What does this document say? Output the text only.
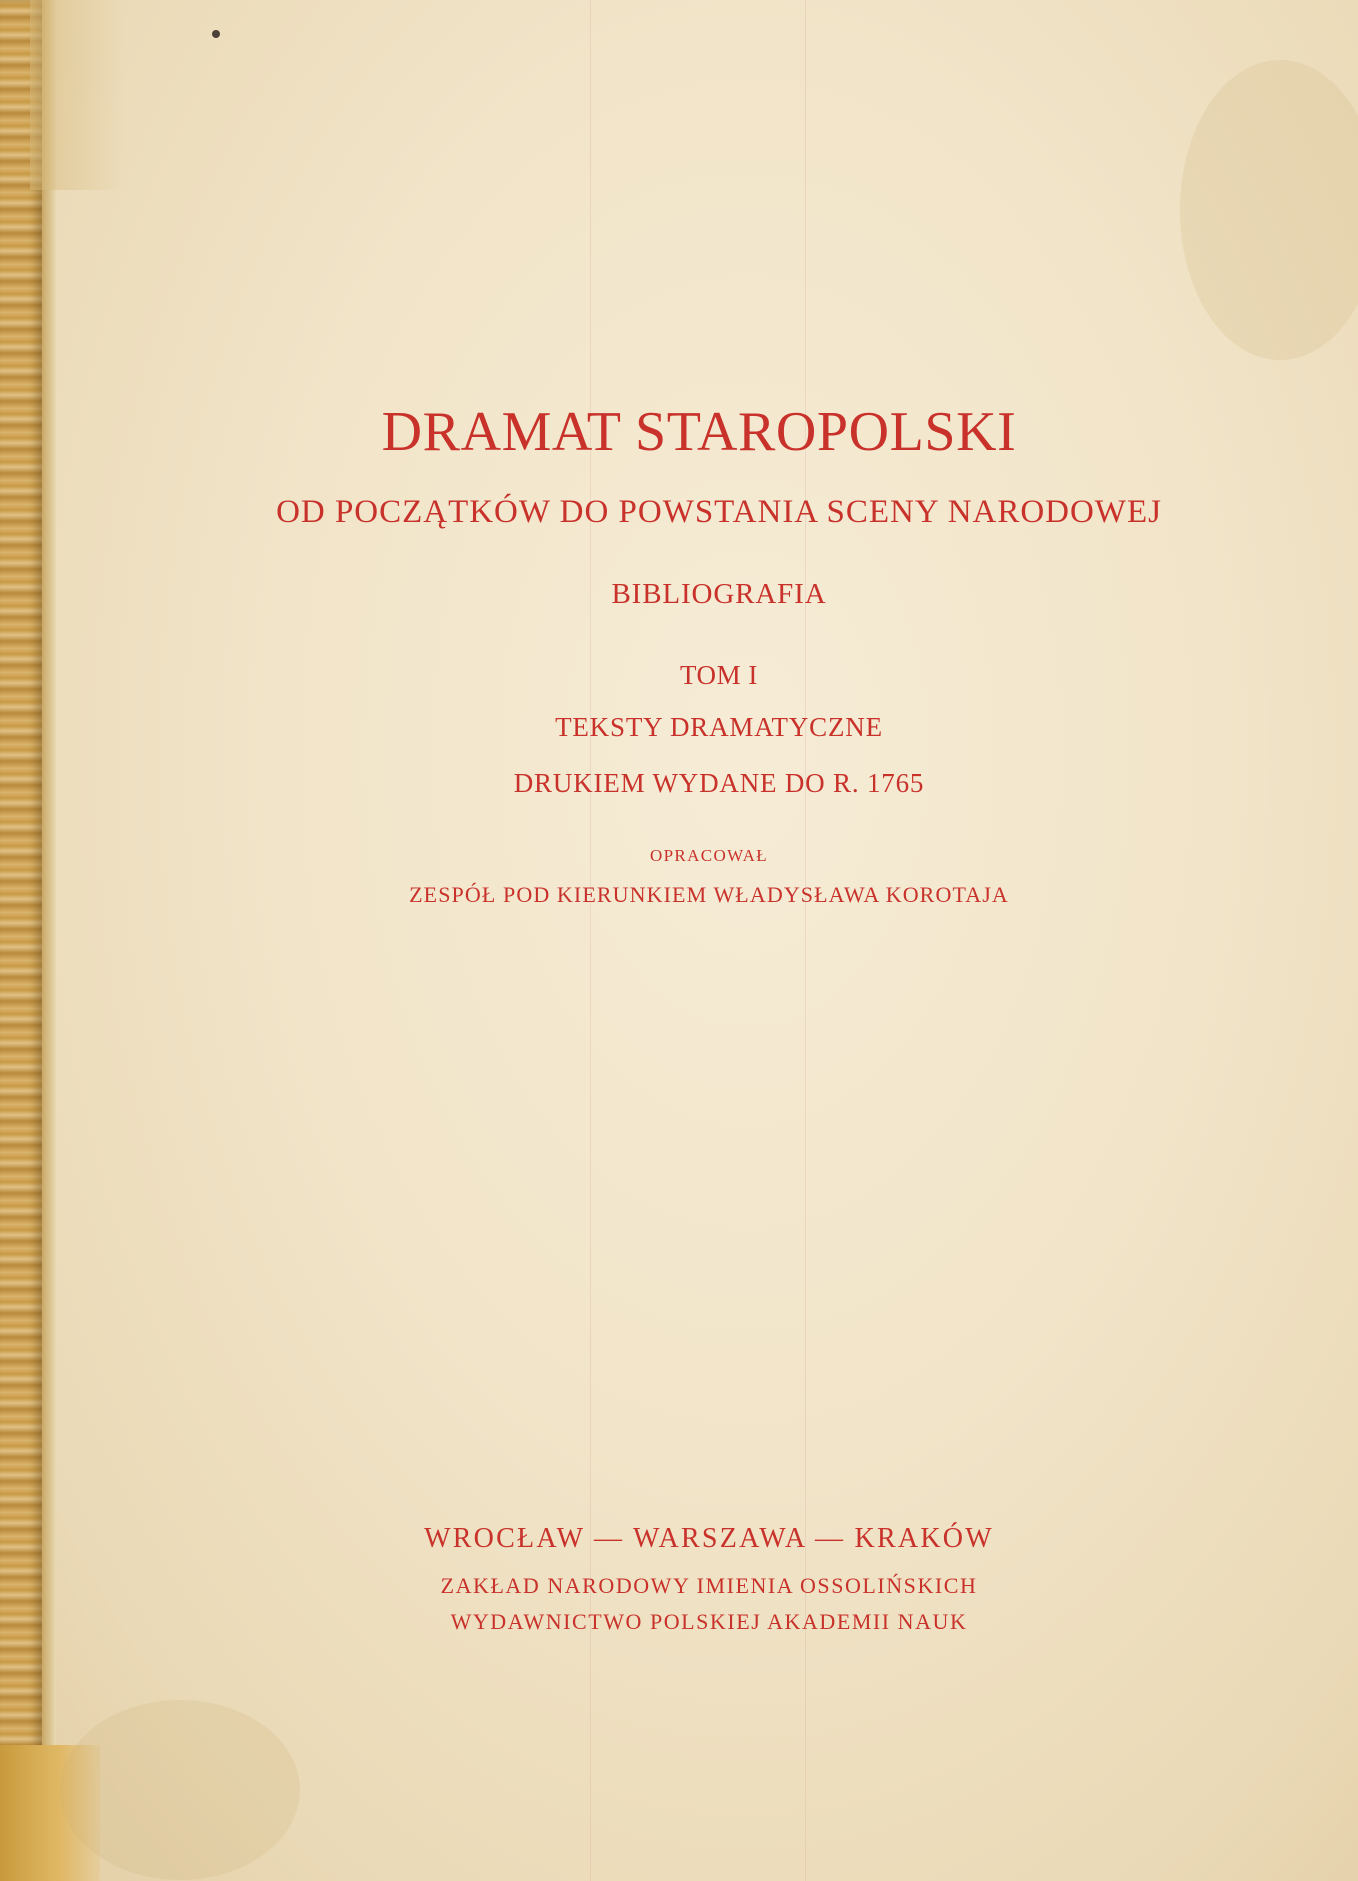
DRAMAT STAROPOLSKI
OD POCZĄTKÓW DO POWSTANIA SCENY NARODOWEJ
BIBLIOGRAFIA
TOM I
TEKSTY DRAMATYCZNE
DRUKIEM WYDANE DO R. 1765
OPRACOWAŁ
ZESPÓŁ POD KIERUNKIEM WŁADYSŁAWA KOROTAJA
WROCŁAW — WARSZAWA — KRAKÓW
ZAKŁAD NARODOWY IMIENIA OSSOLIŃSKICH
WYDAWNICTWO POLSKIEJ AKADEMII NAUK
